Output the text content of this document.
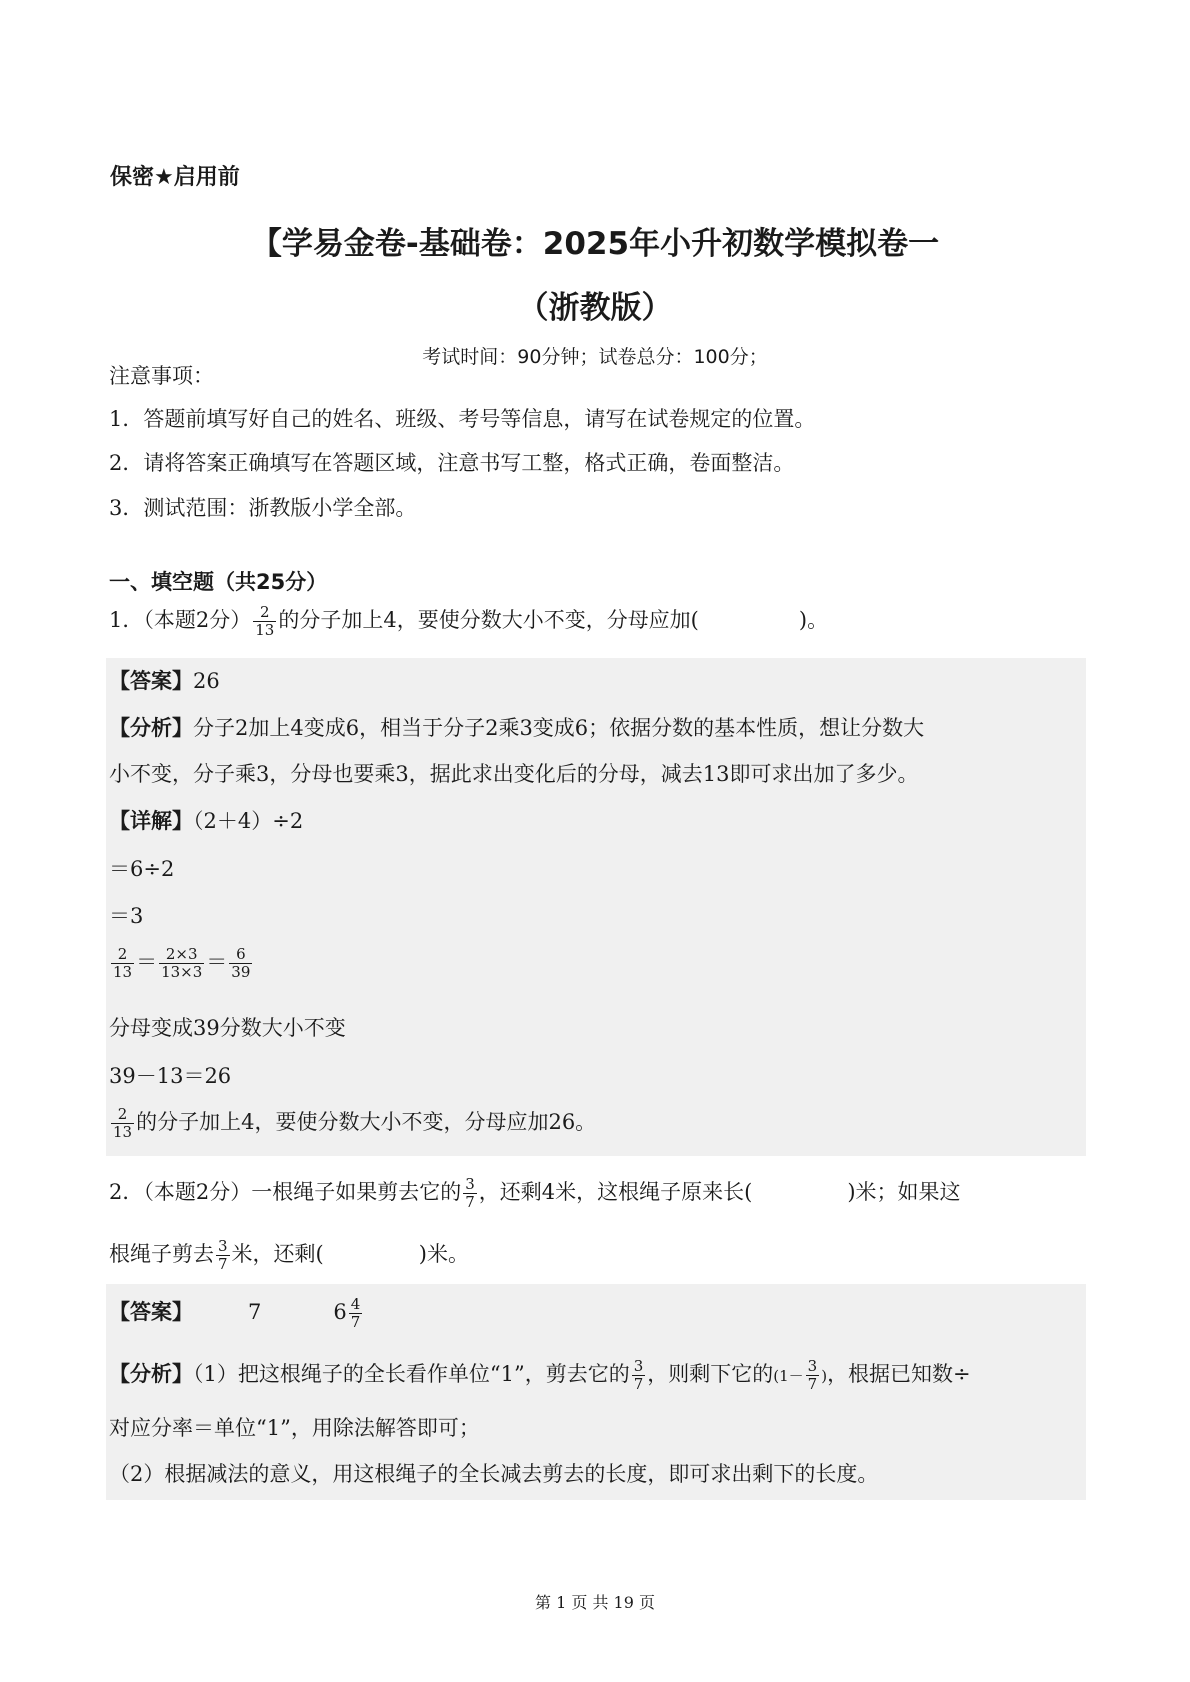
保密★启用前
【学易金卷-基础卷：2025年小升初数学模拟卷一
（浙教版）
考试时间：90分钟；试卷总分：100分；
注意事项：
1．答题前填写好自己的姓名、班级、考号等信息，请写在试卷规定的位置。
2．请将答案正确填写在答题区域，注意书写工整，格式正确，卷面整洁。
3．测试范围：浙教版小学全部。
一、填空题（共25分）
1．（本题2分） $\frac{2}{13}$ 的分子加上4，要使分数大小不变，分母应加(	)。
【答案】26
【分析】分子2加上4变成6，相当于分子2乘3变成6；依据分数的基本性质，想让分数大
小不变，分子乘3，分母也要乘3，据此求出变化后的分母，减去13即可求出加了多少。
【详解】（2＋4）÷2
＝6÷2
＝3
$\frac{2}{13} = \frac{2\times 3}{13\times 3} = \frac{6}{39}$
分母变成39分数大小不变
39－13＝26
$\frac{2}{13}$ 的分子加上4，要使分数大小不变，分母应加26。
2．（本题2分）一根绳子如果剪去它的 $\frac{3}{7}$ ，还剩4米，这根绳子原来长(	)米；如果这
根绳子剪去 $\frac{3}{7}$ 米，还剩(	)米。
【答案】	7	$6 \frac{4}{7}$
【分析】（1）把这根绳子的全长看作单位“1”，剪去它的 $\frac{3}{7}$ ，则剩下它的($1- \frac{3}{7}$ )，根据已知数÷
对应分率＝单位“1”，用除法解答即可；
（2）根据减法的意义，用这根绳子的全长减去剪去的长度，即可求出剩下的长度。
第 1 页 共 19 页
